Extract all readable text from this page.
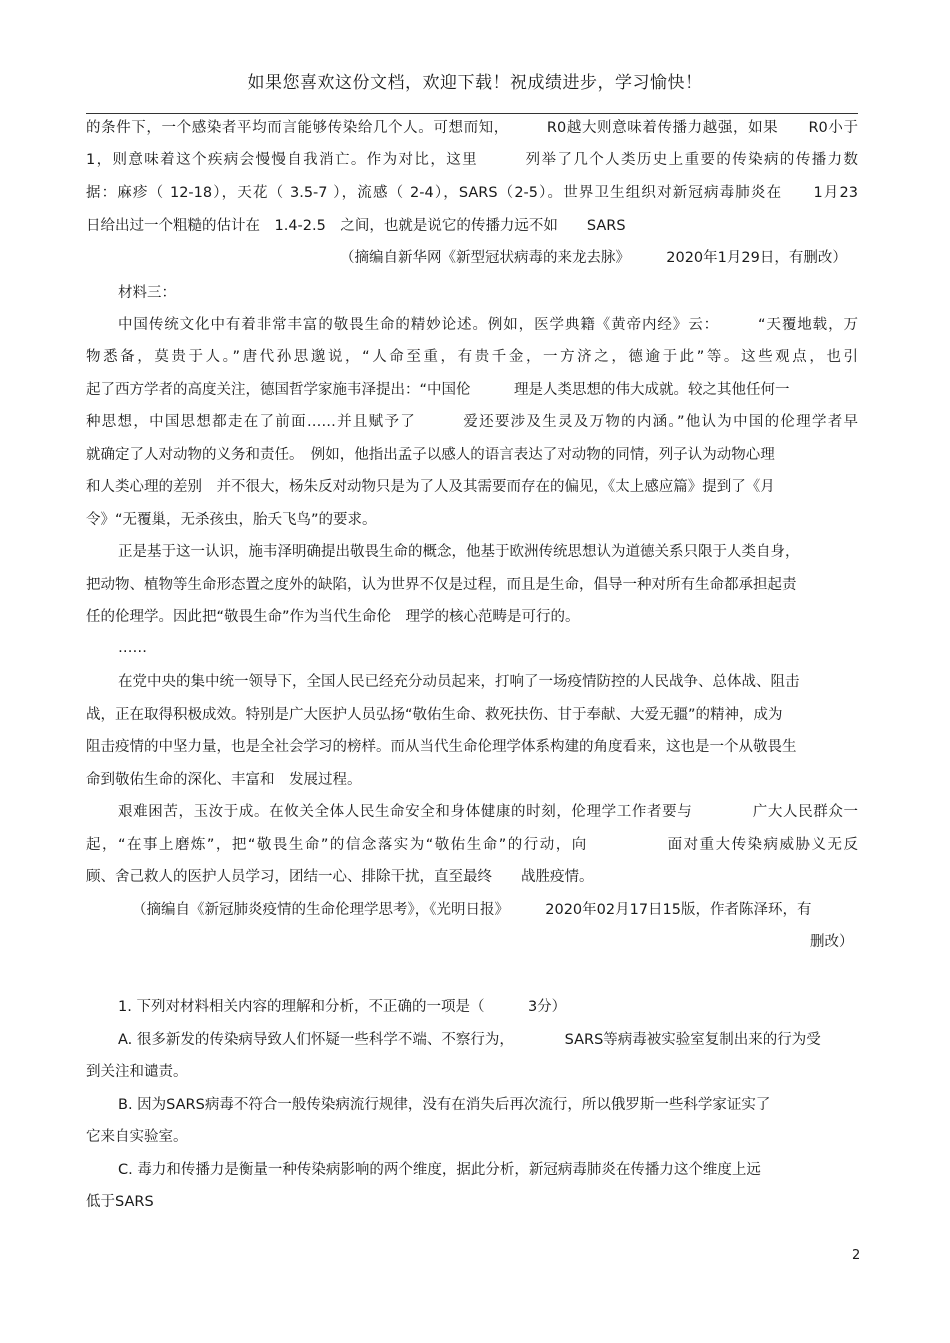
如果您喜欢这份文档，欢迎下载！祝成绩进步，学习愉快！
的条件下，一个感染者平均而言能够传染给几个人。可想而知，　　　R0越大则意味着传播力越强，如果　　R0小于
1，则意味着这个疾病会慢慢自我消亡。作为对比，这里　　　列举了几个人类历史上重要的传染病的传播力数
据：麻疹（ 12-18），天花（ 3.5-7 ），流感（ 2-4），SARS（2-5）。世界卫生组织对新冠病毒肺炎在　　1月23
日给出过一个粗糙的估计在　1.4-2.5　之间，也就是说它的传播力远不如　　SARS
（摘编自新华网《新型冠状病毒的来龙去脉》　　　2020年1月29日，有删改）
材料三：
中国传统文化中有着非常丰富的敬畏生命的精妙论述。例如，医学典籍《黄帝内经》云：　　　“天覆地载，万
物悉备，莫贵于人。”唐代孙思邈说，“人命至重，有贵千金，一方济之，德逾于此”等。这些观点，也引
起了西方学者的高度关注，德国哲学家施韦泽提出：“中国伦　　　理是人类思想的伟大成就。较之其他任何一
种思想，中国思想都走在了前面……并且赋予了　　　爱还要涉及生灵及万物的内涵。”他认为中国的伦理学者早
就确定了人对动物的义务和责任。　例如，他指出孟子以感人的语言表达了对动物的同情，列子认为动物心理
和人类心理的差别　并不很大，杨朱反对动物只是为了人及其需要而存在的偏见，《太上感应篇》提到了《月
令》“无覆巢，无杀孩虫，胎夭飞鸟”的要求。
正是基于这一认识，施韦泽明确提出敬畏生命的概念，他基于欧洲传统思想认为道德关系只限于人类自身，
把动物、植物等生命形态置之度外的缺陷，认为世界不仅是过程，而且是生命，倡导一种对所有生命都承担起责
任的伦理学。因此把“敬畏生命”作为当代生命伦　理学的核心范畴是可行的。
……
在党中央的集中统一领导下，全国人民已经充分动员起来，打响了一场疫情防控的人民战争、总体战、阻击
战，正在取得积极成效。特别是广大医护人员弘扬“敬佑生命、救死扶伤、甘于奉献、大爱无疆”的精神，成为
阻击疫情的中坚力量，也是全社会学习的榜样。而从当代生命伦理学体系构建的角度看来，这也是一个从敬畏生
命到敬佑生命的深化、丰富和　发展过程。
艰难困苦，玉汝于成。在攸关全体人民生命安全和身体健康的时刻，伦理学工作者要与　　　　广大人民群众一
起，“在事上磨炼”，把“敬畏生命”的信念落实为“敬佑生命”的行动，向　　　　　面对重大传染病威胁义无反
顾、舍己救人的医护人员学习，团结一心、排除干扰，直至最终　　战胜疫情。
（摘编自《新冠肺炎疫情的生命伦理学思考》，《光明日报》　　　2020年02月17日15版，作者陈泽环，有
删改）
1. 下列对材料相关内容的理解和分析，不正确的一项是（　　　3分）
A. 很多新发的传染病导致人们怀疑一些科学不端、不察行为，　　　　SARS等病毒被实验室复制出来的行为受
到关注和谴责。
B. 因为SARS病毒不符合一般传染病流行规律，没有在消失后再次流行，所以俄罗斯一些科学家证实了
它来自实验室。
C. 毒力和传播力是衡量一种传染病影响的两个维度，据此分析，新冠病毒肺炎在传播力这个维度上远
低于SARS
2
